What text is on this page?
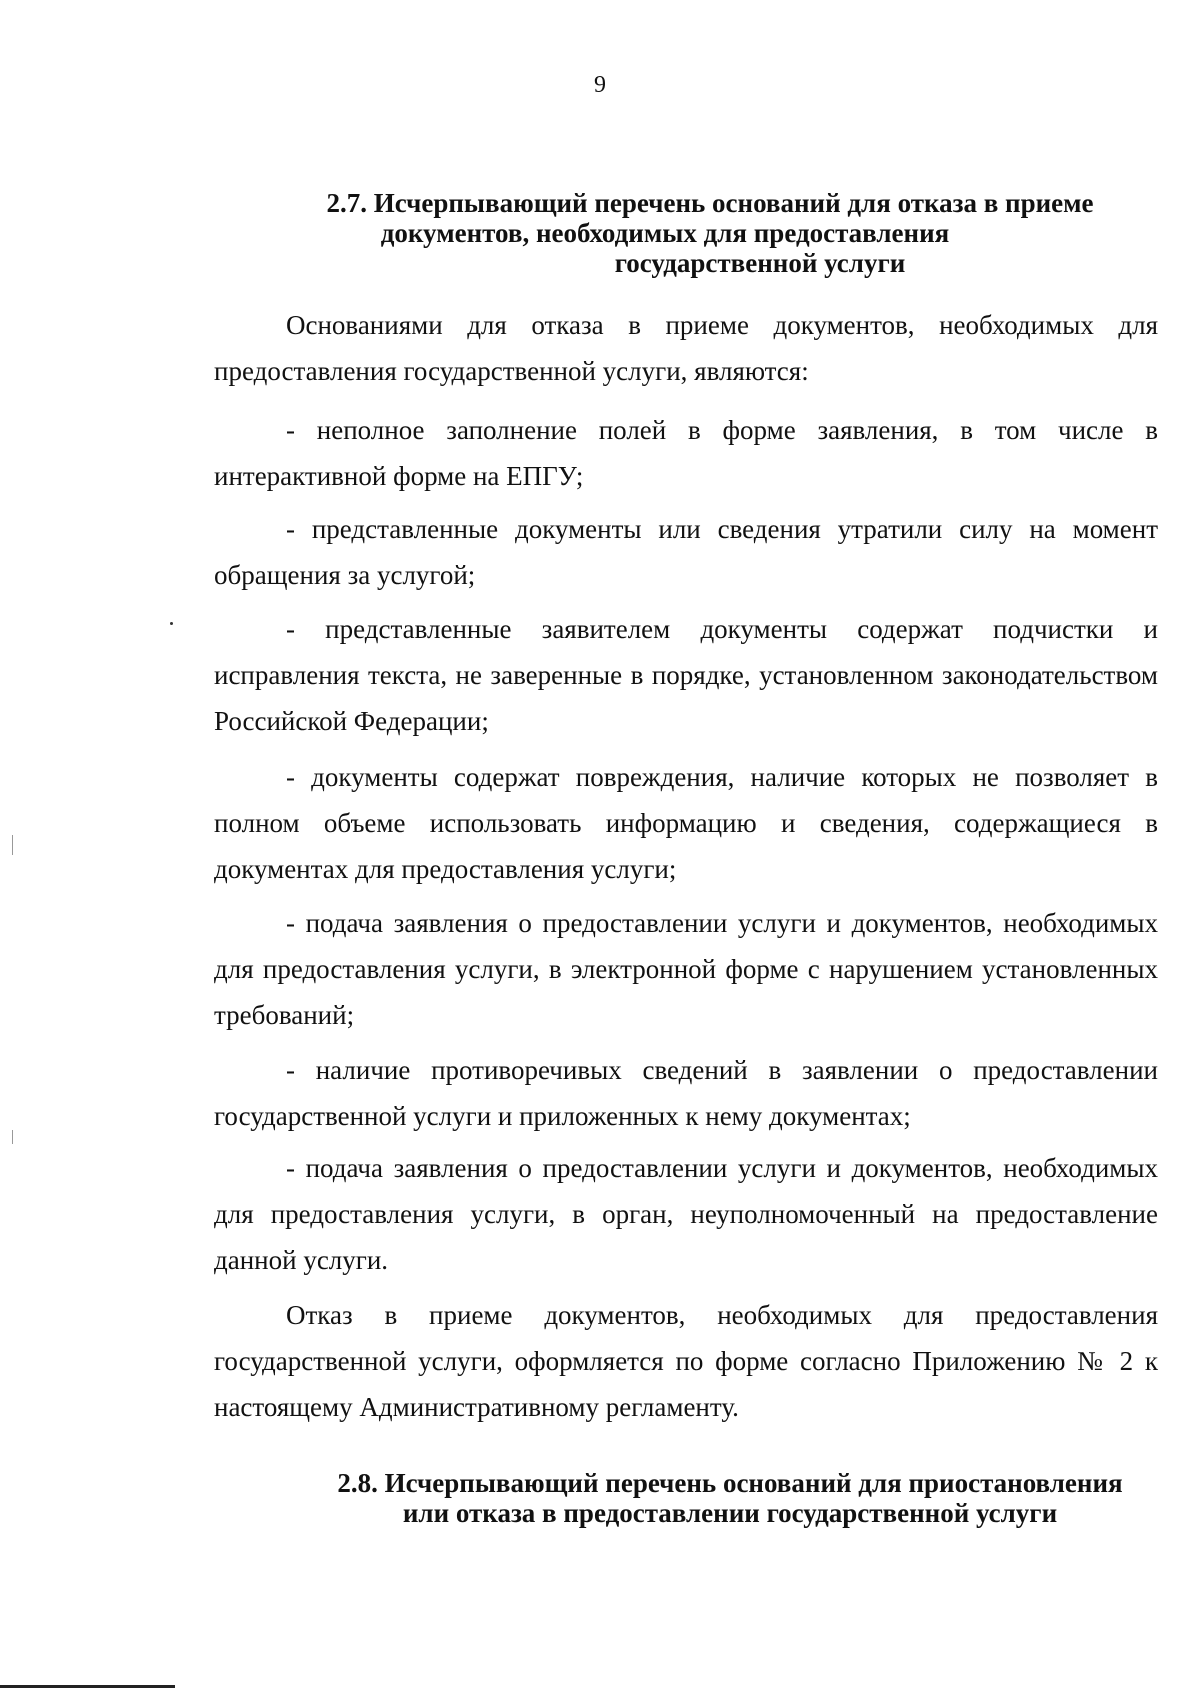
9
2.7. Исчерпывающий перечень оснований для отказа в приеме
документов, необходимых для предоставления
государственной услуги

Основаниями для отказа в приеме документов, необходимых для предоставления государственной услуги, являются:

- неполное заполнение полей в форме заявления, в том числе в интерактивной форме на ЕПГУ;

- представленные документы или сведения утратили силу на момент обращения за услугой;

- представленные заявителем документы содержат подчистки и исправления текста, не заверенные в порядке, установленном законодательством Российской Федерации;

- документы содержат повреждения, наличие которых не позволяет в полном объеме использовать информацию и сведения, содержащиеся в документах для предоставления услуги;

- подача заявления о предоставлении услуги и документов, необходимых для предоставления услуги, в электронной форме с нарушением установленных требований;

- наличие противоречивых сведений в заявлении о предоставлении государственной услуги и приложенных к нему документах;

- подача заявления о предоставлении услуги и документов, необходимых для предоставления услуги, в орган, неуполномоченный на предоставление данной услуги.

Отказ в приеме документов, необходимых для предоставления государственной услуги, оформляется по форме согласно Приложению № 2 к настоящему Административному регламенту.

2.8. Исчерпывающий перечень оснований для приостановления
или отказа в предоставлении государственной услуги
